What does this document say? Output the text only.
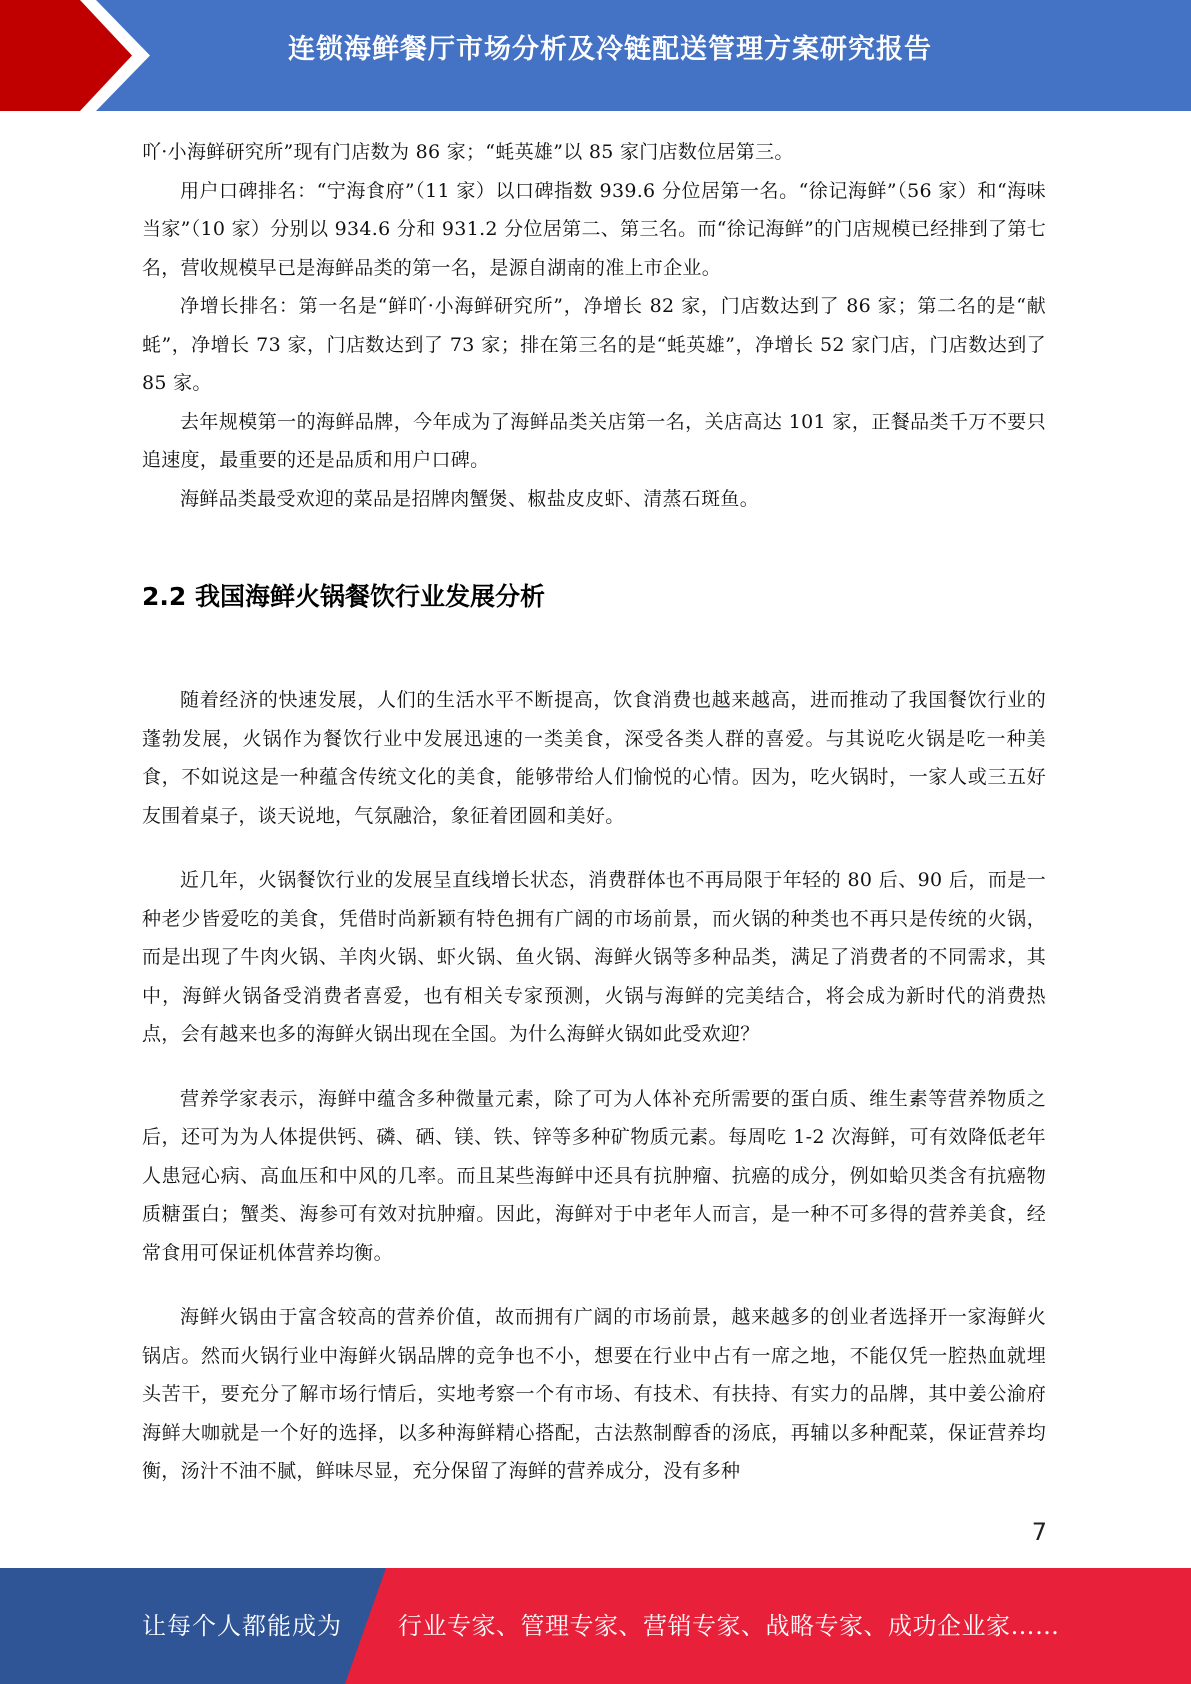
连锁海鲜餐厅市场分析及冷链配送管理方案研究报告

吖·小海鲜研究所”现有门店数为 86 家；“蚝英雄”以 85 家门店数位居第三。

用户口碑排名：“宁海食府”（11 家）以口碑指数 939.6 分位居第一名。“徐记海鲜”（56 家）和“海味当家”（10 家）分别以 934.6 分和 931.2 分位居第二、第三名。而“徐记海鲜”的门店规模已经排到了第七名，营收规模早已是海鲜品类的第一名，是源自湖南的准上市企业。

净增长排名：第一名是“鲜吖·小海鲜研究所”，净增长 82 家，门店数达到了 86 家；第二名的是“献蚝”，净增长 73 家，门店数达到了 73 家；排在第三名的是“蚝英雄”，净增长 52 家门店，门店数达到了 85 家。

去年规模第一的海鲜品牌，今年成为了海鲜品类关店第一名，关店高达 101 家，正餐品类千万不要只追速度，最重要的还是品质和用户口碑。

海鲜品类最受欢迎的菜品是招牌肉蟹煲、椒盐皮皮虾、清蒸石斑鱼。

2.2 我国海鲜火锅餐饮行业发展分析

随着经济的快速发展，人们的生活水平不断提高，饮食消费也越来越高，进而推动了我国餐饮行业的蓬勃发展，火锅作为餐饮行业中发展迅速的一类美食，深受各类人群的喜爱。与其说吃火锅是吃一种美食，不如说这是一种蕴含传统文化的美食，能够带给人们愉悦的心情。因为，吃火锅时，一家人或三五好友围着桌子，谈天说地，气氛融洽，象征着团圆和美好。

近几年，火锅餐饮行业的发展呈直线增长状态，消费群体也不再局限于年轻的 80 后、90 后，而是一种老少皆爱吃的美食，凭借时尚新颖有特色拥有广阔的市场前景，而火锅的种类也不再只是传统的火锅，而是出现了牛肉火锅、羊肉火锅、虾火锅、鱼火锅、海鲜火锅等多种品类，满足了消费者的不同需求，其中，海鲜火锅备受消费者喜爱，也有相关专家预测，火锅与海鲜的完美结合，将会成为新时代的消费热点，会有越来也多的海鲜火锅出现在全国。为什么海鲜火锅如此受欢迎？

营养学家表示，海鲜中蕴含多种微量元素，除了可为人体补充所需要的蛋白质、维生素等营养物质之后，还可为为人体提供钙、磷、硒、镁、铁、锌等多种矿物质元素。每周吃 1-2 次海鲜，可有效降低老年人患冠心病、高血压和中风的几率。而且某些海鲜中还具有抗肿瘤、抗癌的成分，例如蛤贝类含有抗癌物质糖蛋白；蟹类、海参可有效对抗肿瘤。因此，海鲜对于中老年人而言，是一种不可多得的营养美食，经常食用可保证机体营养均衡。

海鲜火锅由于富含较高的营养价值，故而拥有广阔的市场前景，越来越多的创业者选择开一家海鲜火锅店。然而火锅行业中海鲜火锅品牌的竞争也不小，想要在行业中占有一席之地，不能仅凭一腔热血就埋头苦干，要充分了解市场行情后，实地考察一个有市场、有技术、有扶持、有实力的品牌，其中姜公渝府海鲜大咖就是一个好的选择，以多种海鲜精心搭配，古法熬制醇香的汤底，再辅以多种配菜，保证营养均衡，汤汁不油不腻，鲜味尽显，充分保留了海鲜的营养成分，没有多种

7
让每个人都能成为 行业专家、管理专家、营销专家、战略专家、成功企业家……
